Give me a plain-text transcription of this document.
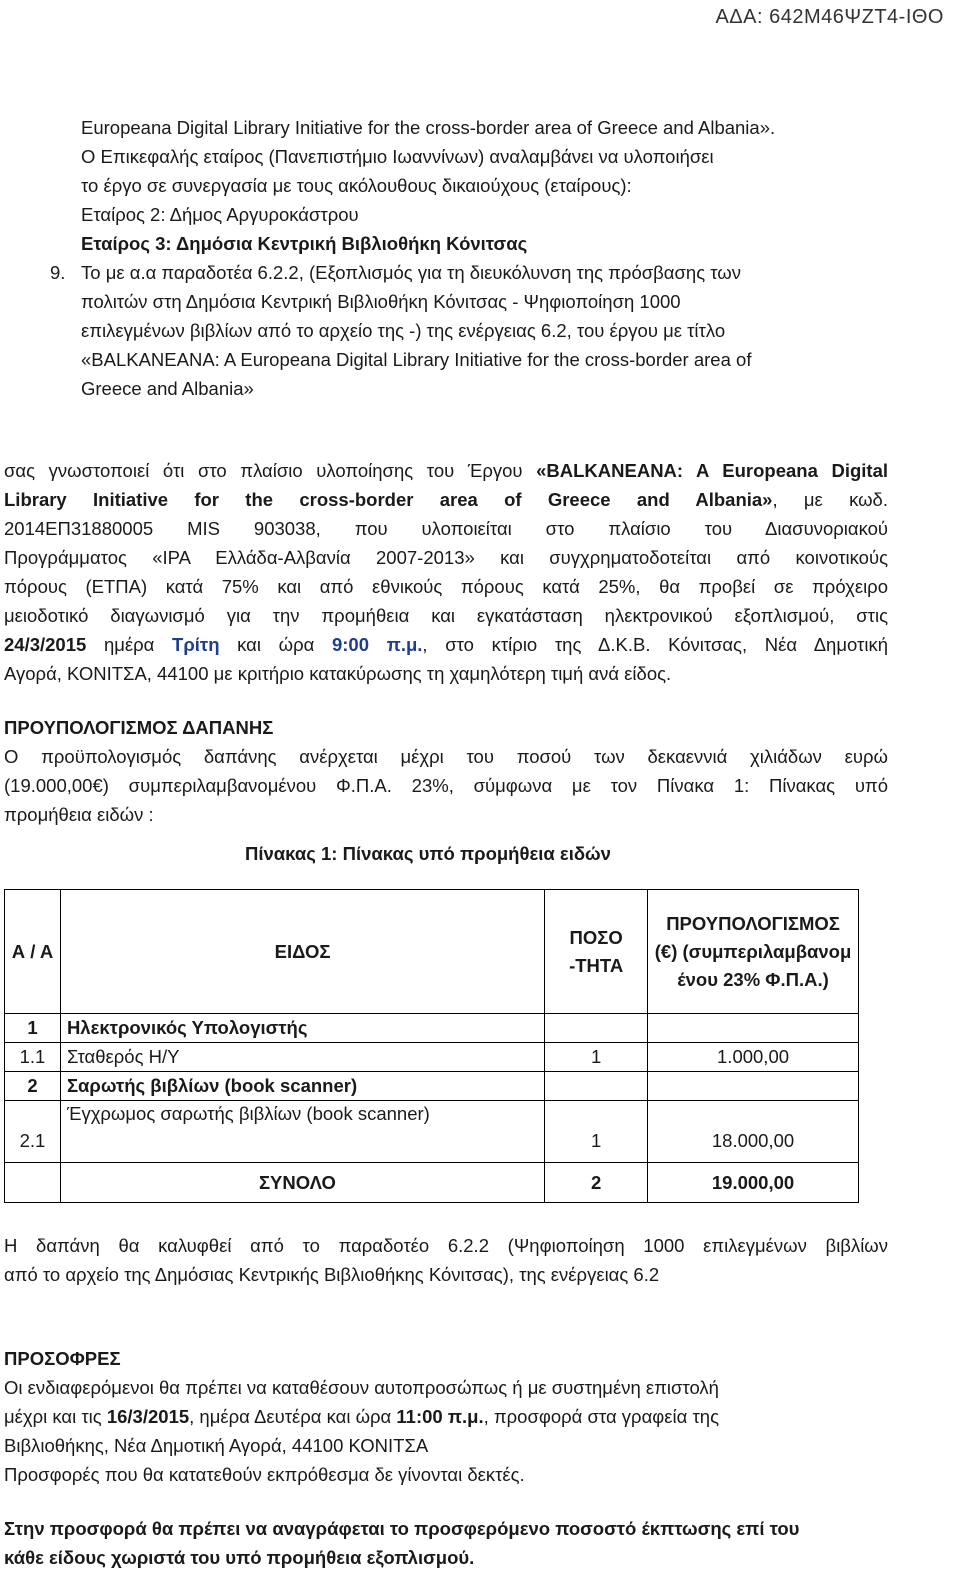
ΑΔΑ: 642Μ46ΨΖΤ4-ΙΘΟ
Europeana Digital Library Initiative for the cross-border area of Greece and Albania».
Ο Επικεφαλής εταίρος (Πανεπιστήμιο Ιωαννίνων) αναλαμβάνει να υλοποιήσει
το έργο σε συνεργασία με τους ακόλουθους δικαιούχους (εταίρους):
Εταίρος 2: Δήμος Αργυροκάστρου
Εταίρος 3: Δημόσια Κεντρική Βιβλιοθήκη Κόνιτσας
9. Το με α.α παραδοτέα 6.2.2, (Εξοπλισμός για τη διευκόλυνση της πρόσβασης των
πολιτών στη Δημόσια Κεντρική Βιβλιοθήκη Κόνιτσας - Ψηφιοποίηση 1000
επιλεγμένων βιβλίων από το αρχείο της -) της ενέργειας 6.2, του έργου με τίτλο
«BALKANEANA: A Europeana Digital Library Initiative for the cross-border area of
Greece and Albania»
σας γνωστοποιεί ότι στο πλαίσιο υλοποίησης του Έργου «BALKANEANA: A Europeana Digital
Library Initiative for the cross-border area of Greece and Albania», με κωδ.
2014ΕΠ31880005 MIS 903038, που υλοποιείται στο πλαίσιο του Διασυνοριακού
Προγράμματος «ΙΡΑ Ελλάδα-Αλβανία 2007-2013» και συγχρηματοδοτείται από κοινοτικούς
πόρους (ΕΤΠΑ) κατά 75% και από εθνικούς πόρους κατά 25%, θα προβεί σε πρόχειρο
μειοδοτικό διαγωνισμό για την προμήθεια και εγκατάσταση ηλεκτρονικού εξοπλισμού, στις
24/3/2015 ημέρα Τρίτη και ώρα 9:00 π.μ., στο κτίριο της Δ.Κ.Β. Κόνιτσας, Νέα Δημοτική
Αγορά, ΚΟΝΙΤΣΑ, 44100 με κριτήριο κατακύρωσης τη χαμηλότερη τιμή ανά είδος.
ΠΡΟΥΠΟΛΟΓΙΣΜΟΣ ΔΑΠΑΝΗΣ
Ο προϋπολογισμός δαπάνης ανέρχεται μέχρι του ποσού των δεκαεννιά χιλιάδων ευρώ
(19.000,00€) συμπεριλαμβανομένου Φ.Π.Α. 23%, σύμφωνα με τον Πίνακα 1: Πίνακας υπό
προμήθεια ειδών :
Πίνακας 1: Πίνακας υπό προμήθεια ειδών
Α / Α	ΕΙΔΟΣ	ΠΟΣΟ -ΤΗΤΑ	ΠΡΟΥΠΟΛΟΓΙΣΜΟΣ (€) (συμπεριλαμβανομ ένου 23% Φ.Π.Α.)
1	Ηλεκτρονικός Υπολογιστής		
1.1	Σταθερός Η/Υ	1	1.000,00
2	Σαρωτής βιβλίων (book scanner)		
2.1	Έγχρωμος σαρωτής βιβλίων (book scanner)	1	18.000,00
	ΣΥΝΟΛΟ	2	19.000,00
Η δαπάνη θα καλυφθεί από το παραδοτέο 6.2.2 (Ψηφιοποίηση 1000 επιλεγμένων βιβλίων
από το αρχείο της Δημόσιας Κεντρικής Βιβλιοθήκης Κόνιτσας), της ενέργειας 6.2
ΠΡΟΣΟΦΡΕΣ
Οι ενδιαφερόμενοι θα πρέπει να καταθέσουν αυτοπροσώπως ή με συστημένη επιστολή
μέχρι και τις 16/3/2015, ημέρα Δευτέρα και ώρα 11:00 π.μ., προσφορά στα γραφεία της
Βιβλιοθήκης, Νέα Δημοτική Αγορά, 44100 ΚΟΝΙΤΣΑ
Προσφορές που θα κατατεθούν εκπρόθεσμα δε γίνονται δεκτές.
Στην προσφορά θα πρέπει να αναγράφεται το προσφερόμενο ποσοστό έκπτωσης επί του
κάθε είδους χωριστά του υπό προμήθεια εξοπλισμού.
